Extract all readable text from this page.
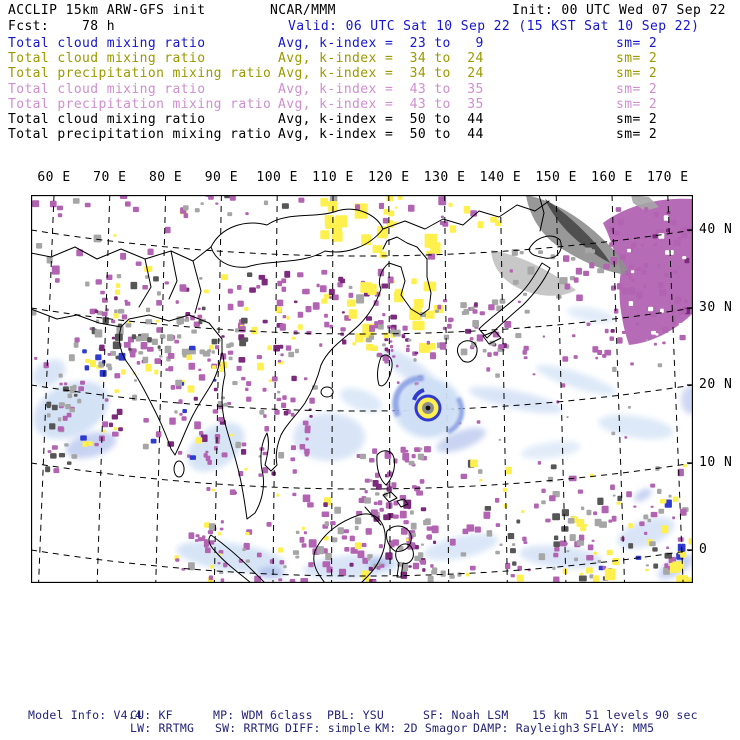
ACCLIP 15km ARW-GFS init	NCAR/MMM	Init: 00 UTC Wed 07 Sep 22
Fcst:    78 h	Valid: 06 UTC Sat 10 Sep 22 (15 KST Sat 10 Sep 22)
Total cloud mixing ratio	Avg, k-index =  23 to   9	sm= 2
Total cloud mixing ratio	Avg, k-index =  34 to  24	sm= 2
Total precipitation mixing ratio Avg, k-index =  34 to  24	sm= 2
Total cloud mixing ratio	Avg, k-index =  43 to  35	sm= 2
Total precipitation mixing ratio Avg, k-index =  43 to  35	sm= 2
Total cloud mixing ratio	Avg, k-index =  50 to  44	sm= 2
Total precipitation mixing ratio Avg, k-index =  50 to  44	sm= 2
60 E 70 E 80 E 90 E 100 E 110 E 120 E 130 E 140 E 150 E 160 E 170 E
40 N
30 N
20 N
10 N
0
Model Info: V4.4
CU: KF	MP: WDM 6class PBL: YSU	SF: Noah LSM 15 km 51 levels 90 sec
LW: RRTMG SW: RRTMG DIFF: simple KM: 2D Smagor DAMP: Rayleigh3 SFLAY: MM5
